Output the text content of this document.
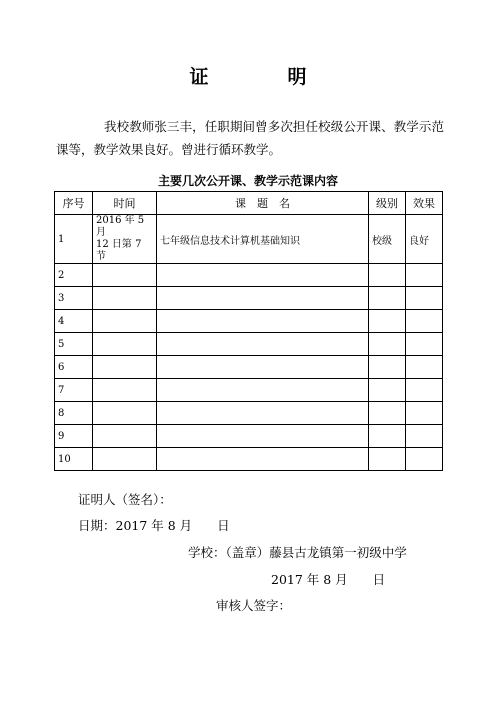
证　明
我校教师张三丰，任职期间曾多次担任校级公开课、教学示范课等，教学效果良好。曾进行循环教学。
主要几次公开课、教学示范课内容
序号	时间	课　题　名	级别	效果
1	2016 年 5 月
12 日第 7 节	七年级信息技术计算机基础知识	校级	良好
2	

3	

4	

5	

6	

7	

8	

9	

10	

证明人（签名）：
日期：2017 年 8 月　　日
学校：（盖章）藤县古龙镇第一初级中学
2017 年 8 月　　日
审核人签字：
